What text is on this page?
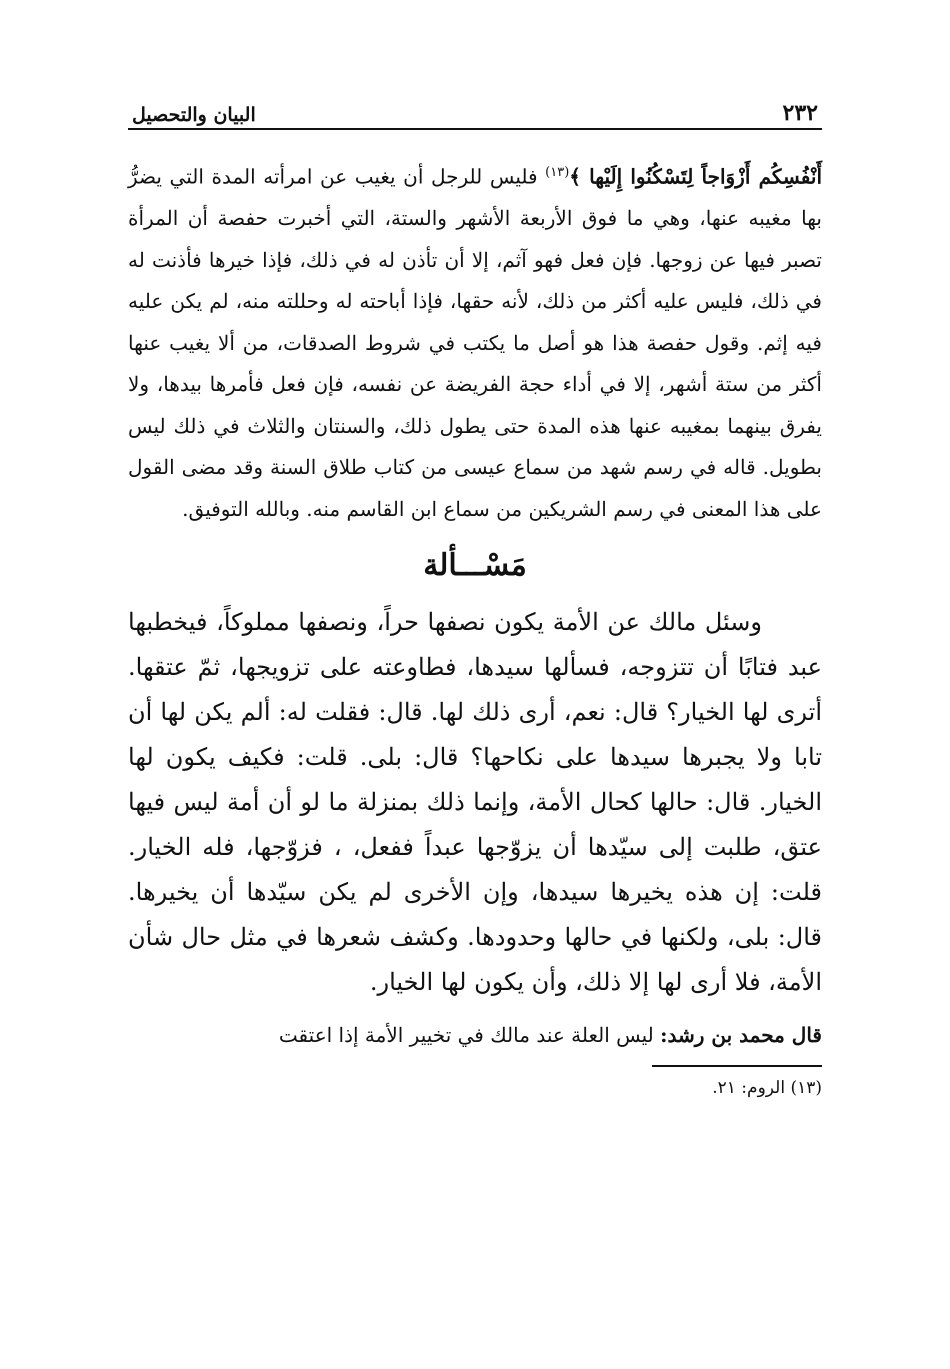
٢٣٢
البيان والتحصيل

أَنْفُسِكُم أَزْوَاجاً لِتَسْكُنُوا إِلَيْها ﴾$^{(١٣)}$ فليس للرجل أن يغيب عن امرأته المدة التي يضرُّ بها مغيبه عنها، وهي ما فوق الأربعة الأشهر والستة، التي أخبرت حفصة أن المرأة تصبر فيها عن زوجها. فإن فعل فهو آثم، إلا أن تأذن له في ذلك، فإذا خيرها فأذنت له في ذلك، فليس عليه أكثر من ذلك، لأنه حقها، فإذا أباحته له وحللته منه، لم يكن عليه فيه إثم. وقول حفصة هذا هو أصل ما يكتب في شروط الصدقات، من ألا يغيب عنها أكثر من ستة أشهر، إلا في أداء حجة الفريضة عن نفسه، فإن فعل فأمرها بيدها، ولا يفرق بينهما بمغيبه عنها هذه المدة حتى يطول ذلك، والسنتان والثلاث في ذلك ليس بطويل. قاله في رسم شهد من سماع عيسى من كتاب طلاق السنة وقد مضى القول على هذا المعنى في رسم الشريكين من سماع ابن القاسم منه. وبالله التوفيق.

مَسْـــألة

وسئل مالك عن الأمة يكون نصفها حراً، ونصفها مملوكاً، فيخطبها عبد فتابًا أن تتزوجه، فسألها سيدها، فطاوعته على تزويجها، ثمّ عتقها. أترى لها الخيار؟ قال: نعم، أرى ذلك لها. قال: فقلت له: ألم يكن لها أن تابا ولا يجبرها سيدها على نكاحها؟ قال: بلى. قلت: فكيف يكون لها الخيار. قال: حالها كحال الأمة، وإنما ذلك بمنزلة ما لو أن أمة ليس فيها عتق، طلبت إلى سيّدها أن يزوّجها عبداً ففعل، ، فزوّجها، فله الخيار. قلت: إن هذه يخيرها سيدها، وإن الأخرى لم يكن سيّدها أن يخيرها. قال: بلى، ولكنها في حالها وحدودها. وكشف شعرها في مثل حال شأن الأمة، فلا أرى لها إلا ذلك، وأن يكون لها الخيار.

قال محمد بن رشد: ليس العلة عند مالك في تخيير الأمة إذا اعتقت

(١٣) الروم: ٢١.
